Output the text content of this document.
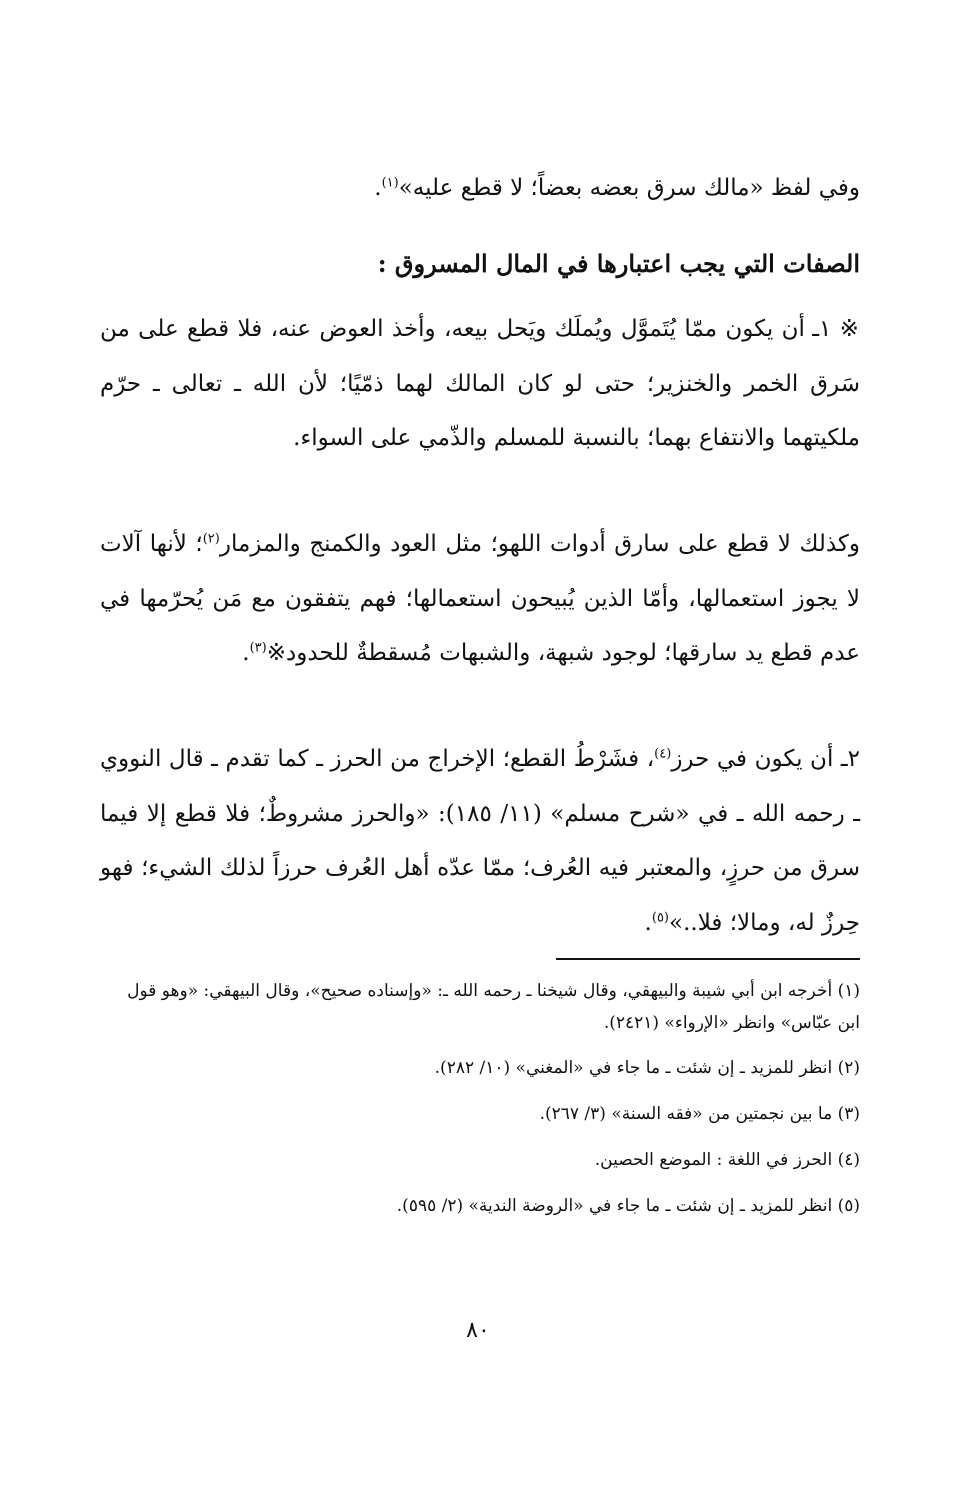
وفي لفظ «مالك سرق بعضه بعضاً؛ لا قطع عليه»$^{(١)}$.

الصفات التي يجب اعتبارها في المال المسروق :

※ ١ـ أن يكون ممّا يُتَموَّل ويُملَك ويَحل بيعه، وأخذ العوض عنه، فلا قطع على من سَرق الخمر والخنزير؛ حتى لو كان المالك لهما ذمّيًا؛ لأن الله ـ تعالى ـ حرّم ملكيتهما والانتفاع بهما؛ بالنسبة للمسلم والذّمي على السواء.

وكذلك لا قطع على سارق أدوات اللهو؛ مثل العود والكمنج والمزمار$^{(٢)}$؛ لأنها آلات لا يجوز استعمالها، وأمّا الذين يُبيحون استعمالها؛ فهم يتفقون مع مَن يُحرّمها في عدم قطع يد سارقها؛ لوجود شبهة، والشبهات مُسقطةٌ للحدود※$^{(٣)}$.

٢ـ أن يكون في حرز$^{(٤)}$، فشَرْطُ القطع؛ الإخراج من الحرز ـ كما تقدم ـ قال النووي ـ رحمه الله ـ في «شرح مسلم» (١١/ ١٨٥): «والحرز مشروطٌ؛ فلا قطع إلا فيما سرق من حرزٍ، والمعتبر فيه العُرف؛ ممّا عدّه أهل العُرف حرزاً لذلك الشيء؛ فهو حِرزٌ له، ومالا؛ فلا..»$^{(٥)}$.

(١) أخرجه ابن أبي شيبة والبيهقي، وقال شيخنا ـ رحمه الله ـ: «وإسناده صحيح»، وقال البيهقي: «وهو قول ابن عبّاس» وانظر «الإرواء» (٢٤٢١).

(٢) انظر للمزيد ـ إن شئت ـ ما جاء في «المغني» (١٠/ ٢٨٢).

(٣) ما بين نجمتين من «فقه السنة» (٣/ ٢٦٧).

(٤) الحرز في اللغة : الموضع الحصين.

(٥) انظر للمزيد ـ إن شئت ـ ما جاء في «الروضة الندية» (٢/ ٥٩٥).

٨٠
